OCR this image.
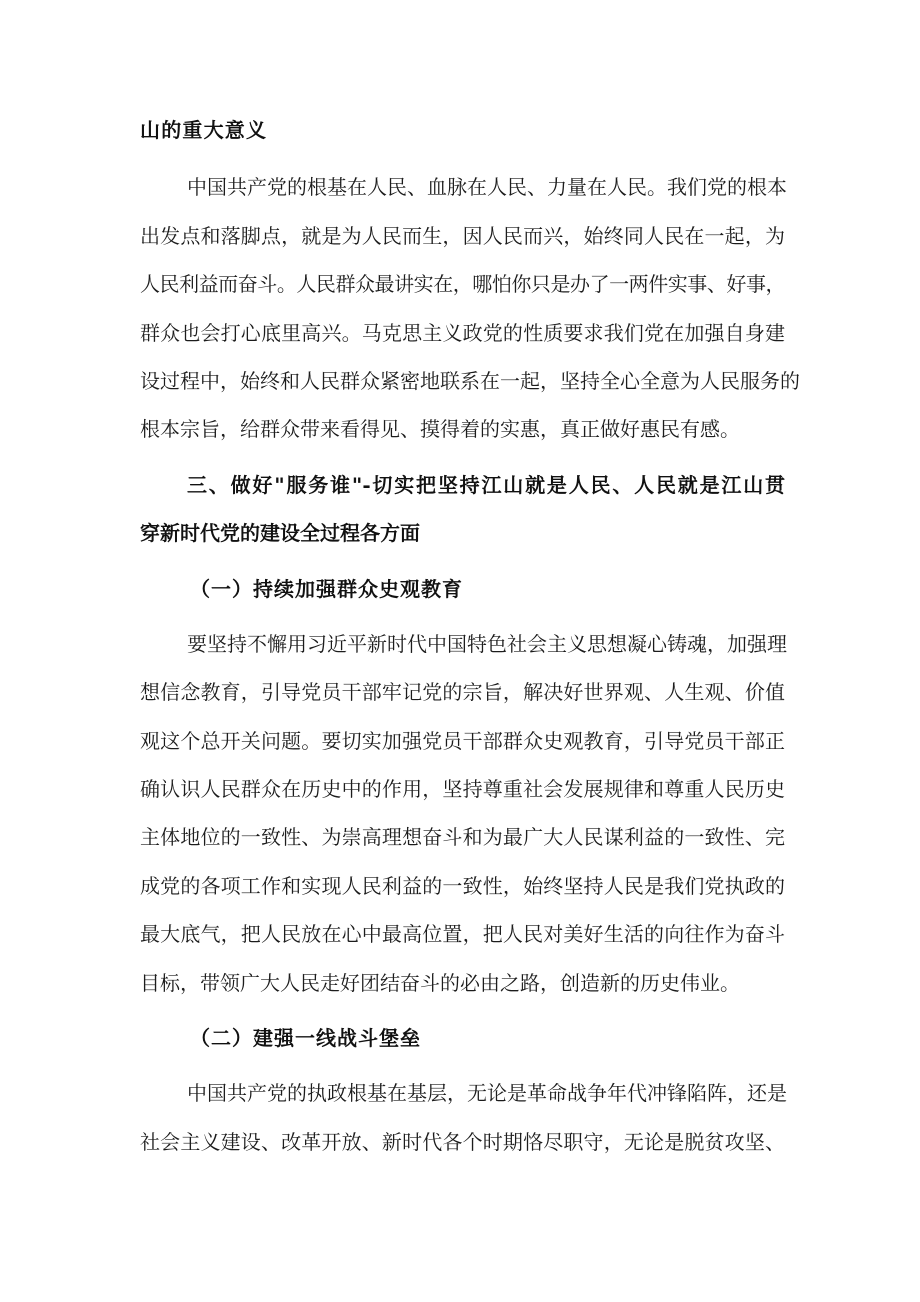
山的重大意义
中国共产党的根基在人民、血脉在人民、力量在人民。我们党的根本
出发点和落脚点，就是为人民而生，因人民而兴，始终同人民在一起，为
人民利益而奋斗。人民群众最讲实在，哪怕你只是办了一两件实事、好事，
群众也会打心底里高兴。马克思主义政党的性质要求我们党在加强自身建
设过程中，始终和人民群众紧密地联系在一起，坚持全心全意为人民服务的
根本宗旨，给群众带来看得见、摸得着的实惠，真正做好惠民有感。
三、做好"服务谁"-切实把坚持江山就是人民、人民就是江山贯
穿新时代党的建设全过程各方面
（一）持续加强群众史观教育
要坚持不懈用习近平新时代中国特色社会主义思想凝心铸魂，加强理
想信念教育，引导党员干部牢记党的宗旨，解决好世界观、人生观、价值
观这个总开关问题。要切实加强党员干部群众史观教育，引导党员干部正
确认识人民群众在历史中的作用，坚持尊重社会发展规律和尊重人民历史
主体地位的一致性、为崇高理想奋斗和为最广大人民谋利益的一致性、完
成党的各项工作和实现人民利益的一致性，始终坚持人民是我们党执政的
最大底气，把人民放在心中最高位置，把人民对美好生活的向往作为奋斗
目标，带领广大人民走好团结奋斗的必由之路，创造新的历史伟业。
（二）建强一线战斗堡垒
中国共产党的执政根基在基层，无论是革命战争年代冲锋陷阵，还是
社会主义建设、改革开放、新时代各个时期恪尽职守，无论是脱贫攻坚、
